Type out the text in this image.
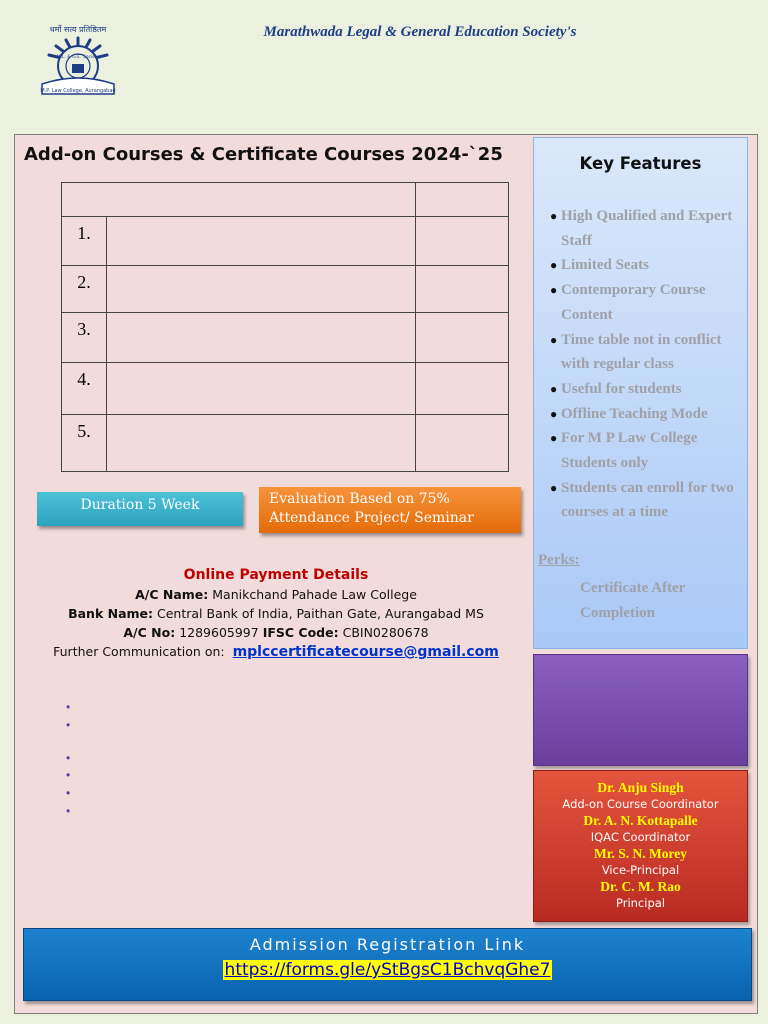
धर्मो सत्य प्रतिष्ठितम
M.L. & G.E. Society
M.P. Law College, Aurangabad
Marathwada Legal & General Education Society's
Add-on Courses & Certificate Courses 2024-`25

1.		
2.		
3.		
4.		
5.		
Duration 5 Week	Evaluation Based on 75% Attendance Project/ Seminar
Online Payment Details
A/C Name: Manikchand Pahade Law College
Bank Name: Central Bank of India, Paithan Gate, Aurangabad MS
A/C No: 1289605997 IFSC Code: CBIN0280678
Further Communication on: mplccertificatecourse@gmail.com
•
•
•
•
•
•
Key Features
● High Qualified and Expert Staff
● Limited Seats
● Contemporary Course Content
● Time table not in conflict with regular class
● Useful for students
● Offline Teaching Mode
● For M P Law College Students only
● Students can enroll for two courses at a time
Perks:
Certificate After Completion
Dr. Anju Singh
Add-on Course Coordinator
Dr. A. N. Kottapalle
IQAC Coordinator
Mr. S. N. Morey
Vice-Principal
Dr. C. M. Rao
Principal
Admission Registration Link
https://forms.gle/yStBgsC1BchvqGhe7
